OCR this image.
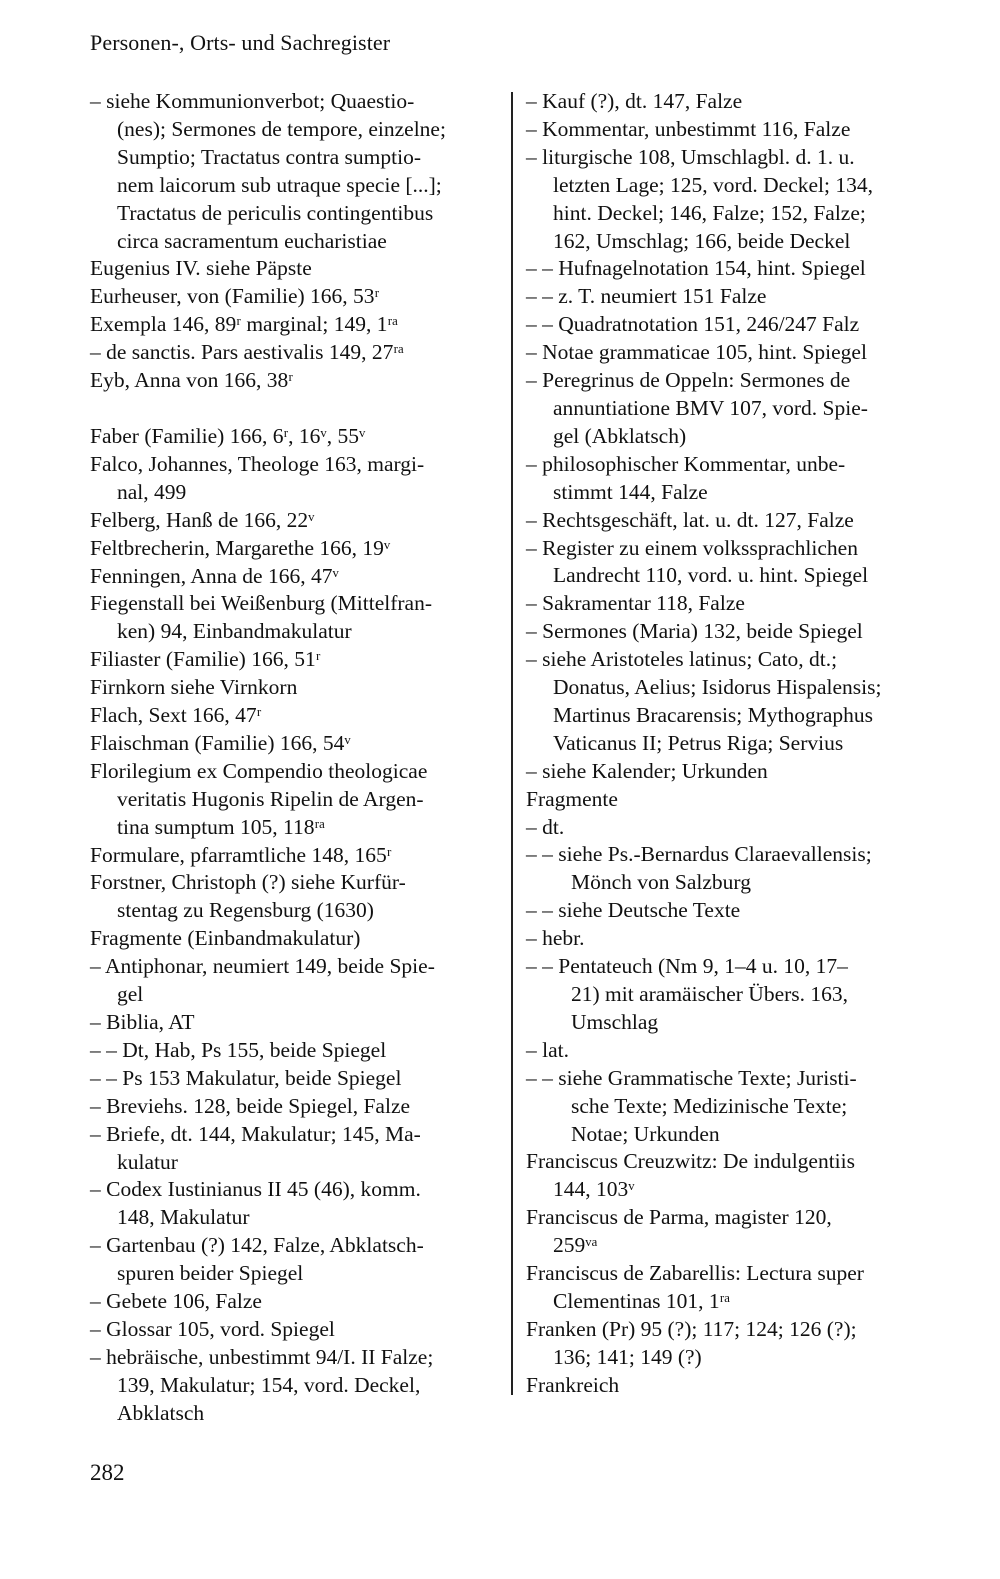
Personen-, Orts- und Sachregister
– siehe Kommunionverbot; Quaestio-
(nes); Sermones de tempore, einzelne;
Sumptio; Tractatus contra sumptio-
nem laicorum sub utraque specie [...];
Tractatus de periculis contingentibus
circa sacramentum eucharistiae
Eugenius IV. siehe Päpste
Eurheuser, von (Familie) 166, 53ʳ
Exempla 146, 89ʳ marginal; 149, 1ʳᵃ
– de sanctis. Pars aestivalis 149, 27ʳᵃ
Eyb, Anna von 166, 38ʳ
Faber (Familie) 166, 6ʳ, 16ᵛ, 55ᵛ
Falco, Johannes, Theologe 163, margi-
nal, 499
Felberg, Hanß de 166, 22ᵛ
Feltbrecherin, Margarethe 166, 19ᵛ
Fenningen, Anna de 166, 47ᵛ
Fiegenstall bei Weißenburg (Mittelfran-
ken) 94, Einbandmakulatur
Filiaster (Familie) 166, 51ʳ
Firnkorn siehe Virnkorn
Flach, Sext 166, 47ʳ
Flaischman (Familie) 166, 54ᵛ
Florilegium ex Compendio theologicae
veritatis Hugonis Ripelin de Argen-
tina sumptum 105, 118ʳᵃ
Formulare, pfarramtliche 148, 165ʳ
Forstner, Christoph (?) siehe Kurfür-
stentag zu Regensburg (1630)
Fragmente (Einbandmakulatur)
– Antiphonar, neumiert 149, beide Spie-
gel
– Biblia, AT
– – Dt, Hab, Ps 155, beide Spiegel
– – Ps 153 Makulatur, beide Spiegel
– Breviehs. 128, beide Spiegel, Falze
– Briefe, dt. 144, Makulatur; 145, Ma-
kulatur
– Codex Iustinianus II 45 (46), komm.
148, Makulatur
– Gartenbau (?) 142, Falze, Abklatsch-
spuren beider Spiegel
– Gebete 106, Falze
– Glossar 105, vord. Spiegel
– hebräische, unbestimmt 94/I. II Falze;
139, Makulatur; 154, vord. Deckel,
Abklatsch
– Kauf (?), dt. 147, Falze
– Kommentar, unbestimmt 116, Falze
– liturgische 108, Umschlagbl. d. 1. u.
letzten Lage; 125, vord. Deckel; 134,
hint. Deckel; 146, Falze; 152, Falze;
162, Umschlag; 166, beide Deckel
– – Hufnagelnotation 154, hint. Spiegel
– – z. T. neumiert 151 Falze
– – Quadratnotation 151, 246/247 Falz
– Notae grammaticae 105, hint. Spiegel
– Peregrinus de Oppeln: Sermones de
annuntiatione BMV 107, vord. Spie-
gel (Abklatsch)
– philosophischer Kommentar, unbe-
stimmt 144, Falze
– Rechtsgeschäft, lat. u. dt. 127, Falze
– Register zu einem volkssprachlichen
Landrecht 110, vord. u. hint. Spiegel
– Sakramentar 118, Falze
– Sermones (Maria) 132, beide Spiegel
– siehe Aristoteles latinus; Cato, dt.;
Donatus, Aelius; Isidorus Hispalensis;
Martinus Bracarensis; Mythographus
Vaticanus II; Petrus Riga; Servius
– siehe Kalender; Urkunden
Fragmente
– dt.
– – siehe Ps.-Bernardus Claraevallensis;
Mönch von Salzburg
– – siehe Deutsche Texte
– hebr.
– – Pentateuch (Nm 9, 1–4 u. 10, 17–
21) mit aramäischer Übers. 163,
Umschlag
– lat.
– – siehe Grammatische Texte; Juristi-
sche Texte; Medizinische Texte;
Notae; Urkunden
Franciscus Creuzwitz: De indulgentiis
144, 103ᵛ
Franciscus de Parma, magister 120,
259ᵛᵃ
Franciscus de Zabarellis: Lectura super
Clementinas 101, 1ʳᵃ
Franken (Pr) 95 (?); 117; 124; 126 (?);
136; 141; 149 (?)
Frankreich
282
